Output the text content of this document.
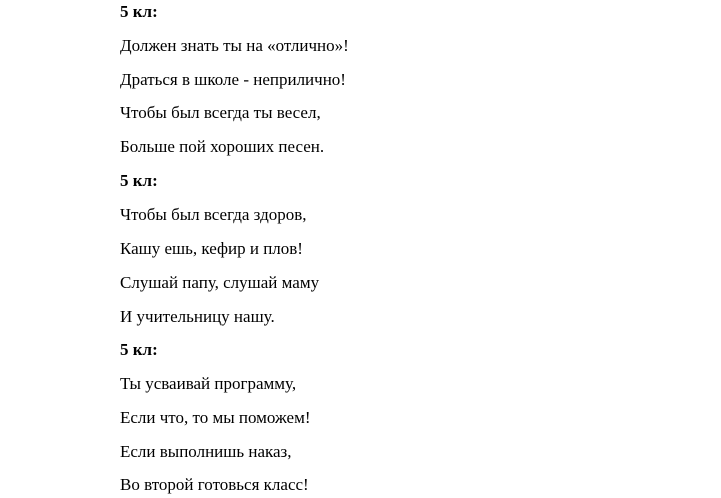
5 кл:
Должен знать ты на «отлично»!
Драться в школе - неприлично!
Чтобы был всегда ты весел,
Больше пой хороших песен.
5 кл:
Чтобы был всегда здоров,
Кашу ешь, кефир и плов!
Слушай папу, слушай маму
И учительницу нашу.
5 кл:
Ты усваивай программу,
Если что, то мы поможем!
Если выполнишь наказ,
Во второй готовься класс!
